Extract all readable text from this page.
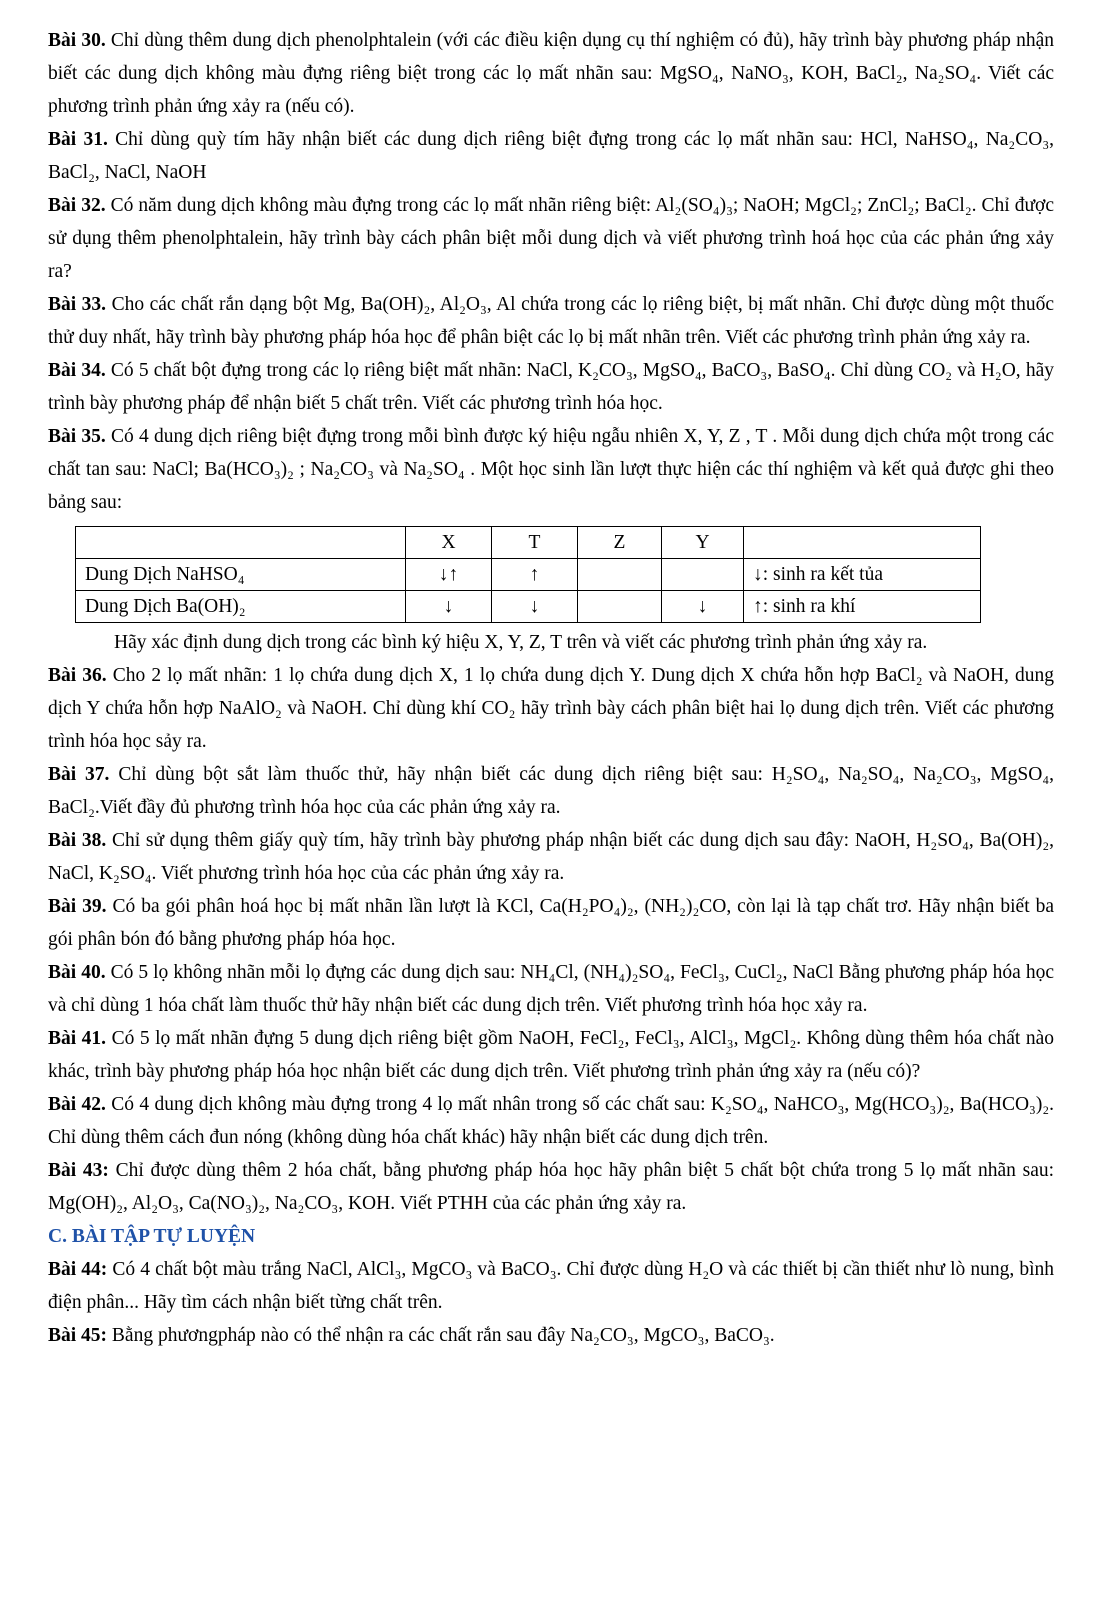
Bài 30. Chỉ dùng thêm dung dịch phenolphtalein (với các điều kiện dụng cụ thí nghiệm có đủ), hãy trình bày phương pháp nhận biết các dung dịch không màu đựng riêng biệt trong các lọ mất nhãn sau: MgSO₄, NaNO₃, KOH, BaCl₂, Na₂SO₄. Viết các phương trình phản ứng xảy ra (nếu có).

Bài 31. Chỉ dùng quỳ tím hãy nhận biết các dung dịch riêng biệt đựng trong các lọ mất nhãn sau: HCl, NaHSO₄, Na₂CO₃, BaCl₂, NaCl, NaOH

Bài 32. Có năm dung dịch không màu đựng trong các lọ mất nhãn riêng biệt: Al₂(SO₄)₃; NaOH; MgCl₂; ZnCl₂; BaCl₂. Chỉ được sử dụng thêm phenolphtalein, hãy trình bày cách phân biệt mỗi dung dịch và viết phương trình hoá học của các phản ứng xảy ra?

Bài 33. Cho các chất rắn dạng bột Mg, Ba(OH)₂, Al₂O₃, Al chứa trong các lọ riêng biệt, bị mất nhãn. Chỉ được dùng một thuốc thử duy nhất, hãy trình bày phương pháp hóa học để phân biệt các lọ bị mất nhãn trên. Viết các phương trình phản ứng xảy ra.

Bài 34. Có 5 chất bột đựng trong các lọ riêng biệt mất nhãn: NaCl, K₂CO₃, MgSO₄, BaCO₃, BaSO₄. Chỉ dùng CO₂ và H₂O, hãy trình bày phương pháp để nhận biết 5 chất trên. Viết các phương trình hóa học.

Bài 35. Có 4 dung dịch riêng biệt đựng trong mỗi bình được ký hiệu ngẫu nhiên X, Y, Z , T . Mỗi dung dịch chứa một trong các chất tan sau: NaCl; Ba(HCO₃)₂ ; Na₂CO₃ và Na₂SO₄ . Một học sinh lần lượt thực hiện các thí nghiệm và kết quả được ghi theo bảng sau:

	X	T	Z	Y	
Dung Dịch NaHSO₄	↓↑	↑			↓: sinh ra kết tủa
Dung Dịch Ba(OH)₂	↓	↓		↓	↑: sinh ra khí

Hãy xác định dung dịch trong các bình ký hiệu X, Y, Z, T trên và viết các phương trình phản ứng xảy ra.

Bài 36. Cho 2 lọ mất nhãn: 1 lọ chứa dung dịch X, 1 lọ chứa dung dịch Y. Dung dịch X chứa hỗn hợp BaCl₂ và NaOH, dung dịch Y chứa hỗn hợp NaAlO₂ và NaOH. Chỉ dùng khí CO₂ hãy trình bày cách phân biệt hai lọ dung dịch trên. Viết các phương trình hóa học sảy ra.

Bài 37. Chỉ dùng bột sắt làm thuốc thử, hãy nhận biết các dung dịch riêng biệt sau: H₂SO₄, Na₂SO₄, Na₂CO₃, MgSO₄, BaCl₂.Viết đầy đủ phương trình hóa học của các phản ứng xảy ra.

Bài 38. Chỉ sử dụng thêm giấy quỳ tím, hãy trình bày phương pháp nhận biết các dung dịch sau đây: NaOH, H₂SO₄, Ba(OH)₂, NaCl, K₂SO₄. Viết phương trình hóa học của các phản ứng xảy ra.

Bài 39. Có ba gói phân hoá học bị mất nhãn lần lượt là KCl, Ca(H₂PO₄)₂, (NH₂)₂CO, còn lại là tạp chất trơ. Hãy nhận biết ba gói phân bón đó bằng phương pháp hóa học.

Bài 40. Có 5 lọ không nhãn mỗi lọ đựng các dung dịch sau: NH₄Cl, (NH₄)₂SO₄, FeCl₃, CuCl₂, NaCl Bằng phương pháp hóa học và chỉ dùng 1 hóa chất làm thuốc thử hãy nhận biết các dung dịch trên. Viết phương trình hóa học xảy ra.

Bài 41. Có 5 lọ mất nhãn đựng 5 dung dịch riêng biệt gồm NaOH, FeCl₂, FeCl₃, AlCl₃, MgCl₂. Không dùng thêm hóa chất nào khác, trình bày phương pháp hóa học nhận biết các dung dịch trên. Viết phương trình phản ứng xảy ra (nếu có)?

Bài 42. Có 4 dung dịch không màu đựng trong 4 lọ mất nhân trong số các chất sau: K₂SO₄, NaHCO₃, Mg(HCO₃)₂, Ba(HCO₃)₂. Chỉ dùng thêm cách đun nóng (không dùng hóa chất khác) hãy nhận biết các dung dịch trên.

Bài 43: Chỉ được dùng thêm 2 hóa chất, bằng phương pháp hóa học hãy phân biệt 5 chất bột chứa trong 5 lọ mất nhãn sau: Mg(OH)₂, Al₂O₃, Ca(NO₃)₂, Na₂CO₃, KOH. Viết PTHH của các phản ứng xảy ra.

C. BÀI TẬP TỰ LUYỆN

Bài 44: Có 4 chất bột màu trắng NaCl, AlCl₃, MgCO₃ và BaCO₃. Chỉ được dùng H₂O và các thiết bị cần thiết như lò nung, bình điện phân... Hãy tìm cách nhận biết từng chất trên.

Bài 45: Bằng phươngpháp nào có thể nhận ra các chất rắn sau đây Na₂CO₃, MgCO₃, BaCO₃.
